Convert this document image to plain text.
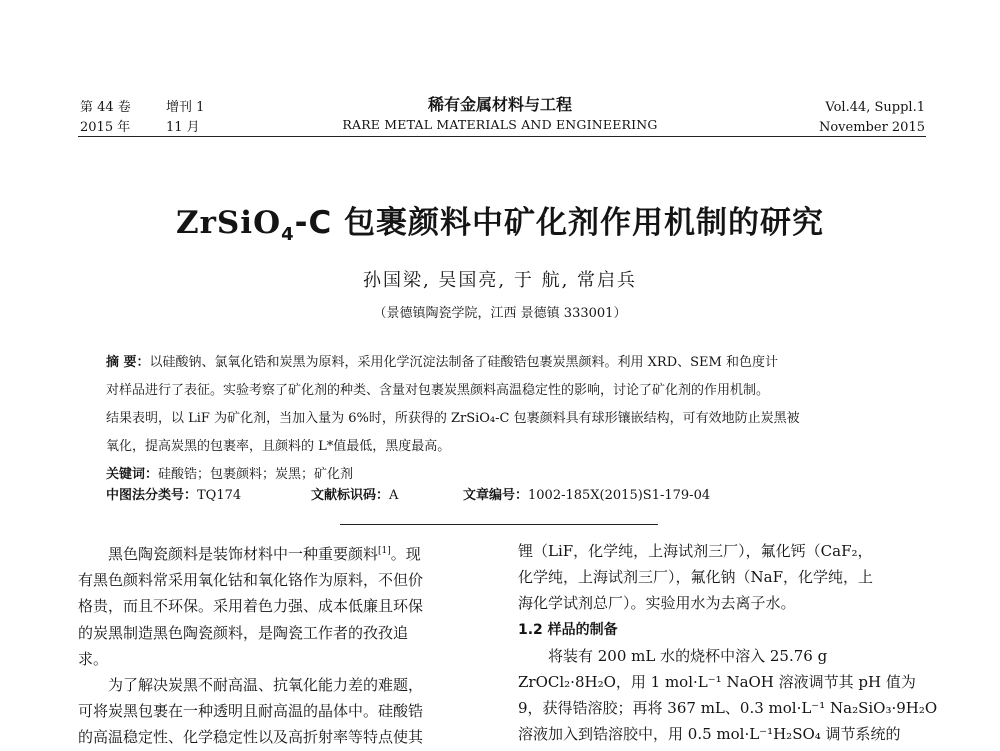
第 44 卷	增刊 1
2015 年	11 月
稀有金属材料与工程
RARE METAL MATERIALS AND ENGINEERING
Vol.44, Suppl.1
November 2015
ZrSiO$_4$-C 包裹颜料中矿化剂作用机制的研究
孙国梁, 吴国亮, 于 航, 常启兵
（景德镇陶瓷学院，江西 景德镇 333001）
摘 要：以硅酸钠、氯氧化锆和炭黑为原料，采用化学沉淀法制备了硅酸锆包裹炭黑颜料。利用 XRD、SEM 和色度计
对样品进行了表征。实验考察了矿化剂的种类、含量对包裹炭黑颜料高温稳定性的影响，讨论了矿化剂的作用机制。
结果表明，以 LiF 为矿化剂，当加入量为 6%时，所获得的 ZrSiO₄-C 包裹颜料具有球形镶嵌结构，可有效地防止炭黑被
氧化，提高炭黑的包裹率，且颜料的 L*值最低，黑度最高。
关键词：硅酸锆；包裹颜料；炭黑；矿化剂
中图法分类号：TQ174	文献标识码：A	文章编号：1002-185X(2015)S1-179-04

黑色陶瓷颜料是装饰材料中一种重要颜料[1]。现

有黑色颜料常采用氧化钴和氧化铬作为原料，不但价

格贵，而且不环保。采用着色力强、成本低廉且环保

的炭黑制造黑色陶瓷颜料，是陶瓷工作者的孜孜追

求。

为了解决炭黑不耐高温、抗氧化能力差的难题，

可将炭黑包裹在一种透明且耐高温的晶体中。硅酸锆

的高温稳定性、化学稳定性以及高折射率等特点使其

锂（LiF，化学纯，上海试剂三厂），氟化钙（CaF₂，

化学纯，上海试剂三厂），氟化钠（NaF，化学纯，上

海化学试剂总厂）。实验用水为去离子水。

1.2 样品的制备

将装有 200 mL 水的烧杯中溶入 25.76 g

ZrOCl₂·8H₂O，用 1 mol·L⁻¹ NaOH 溶液调节其 pH 值为

9，获得锆溶胶；再将 367 mL、0.3 mol·L⁻¹ Na₂SiO₃·9H₂O

溶液加入到锆溶胶中，用 0.5 mol·L⁻¹H₂SO₄ 调节系统的
